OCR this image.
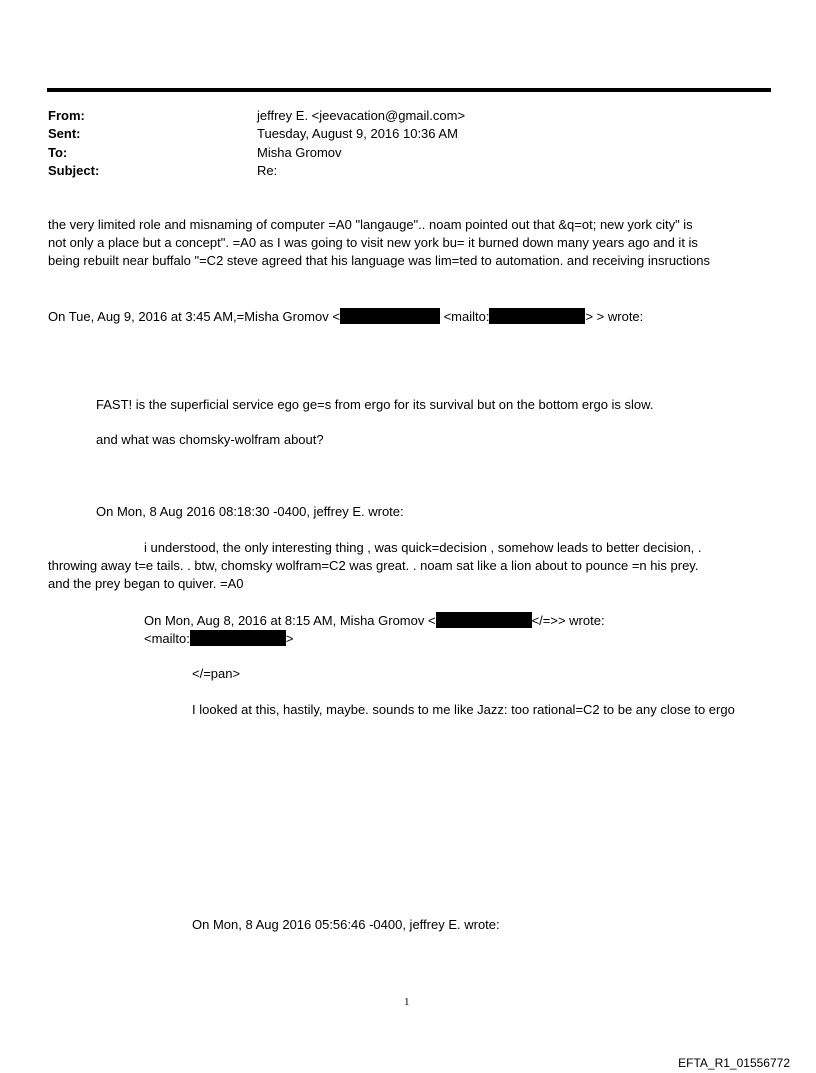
From:	jeffrey E. <jeevacation@gmail.com>
Sent:	Tuesday, August 9, 2016 10:36 AM
To:	Misha Gromov
Subject:	Re:
the very limited role and misnaming of computer =A0 "langauge".. noam pointed out that &q=ot; new york city" is
not only a place but a concept". =A0 as I was going to visit new york bu= it burned down many years ago and it is
being rebuilt near buffalo "=C2 steve agreed that his language was lim=ted to automation. and receiving insructions
On Tue, Aug 9, 2016 at 3:45 AM,=Misha Gromov <	<mailto:	> > wrote:
FAST! is the superficial service ego ge=s from ergo for its survival but on the bottom ergo is slow.
and what was chomsky-wolfram about?
On Mon, 8 Aug 2016 08:18:30 -0400, jeffrey E. wrote:
i understood, the only interesting thing , was quick=decision , somehow leads to better decision, .
throwing away t=e tails. . btw, chomsky wolfram=C2 was great. . noam sat like a lion about to pounce =n his prey.
and the prey began to quiver. =A0
On Mon, Aug 8, 2016 at 8:15 AM, Misha Gromov <	</=>> wrote:
<mailto:	>
</=pan>
I looked at this, hastily, maybe. sounds to me like Jazz: too rational=C2 to be any close to ergo
On Mon, 8 Aug 2016 05:56:46 -0400, jeffrey E. wrote:
1
EFTA_R1_01556772
